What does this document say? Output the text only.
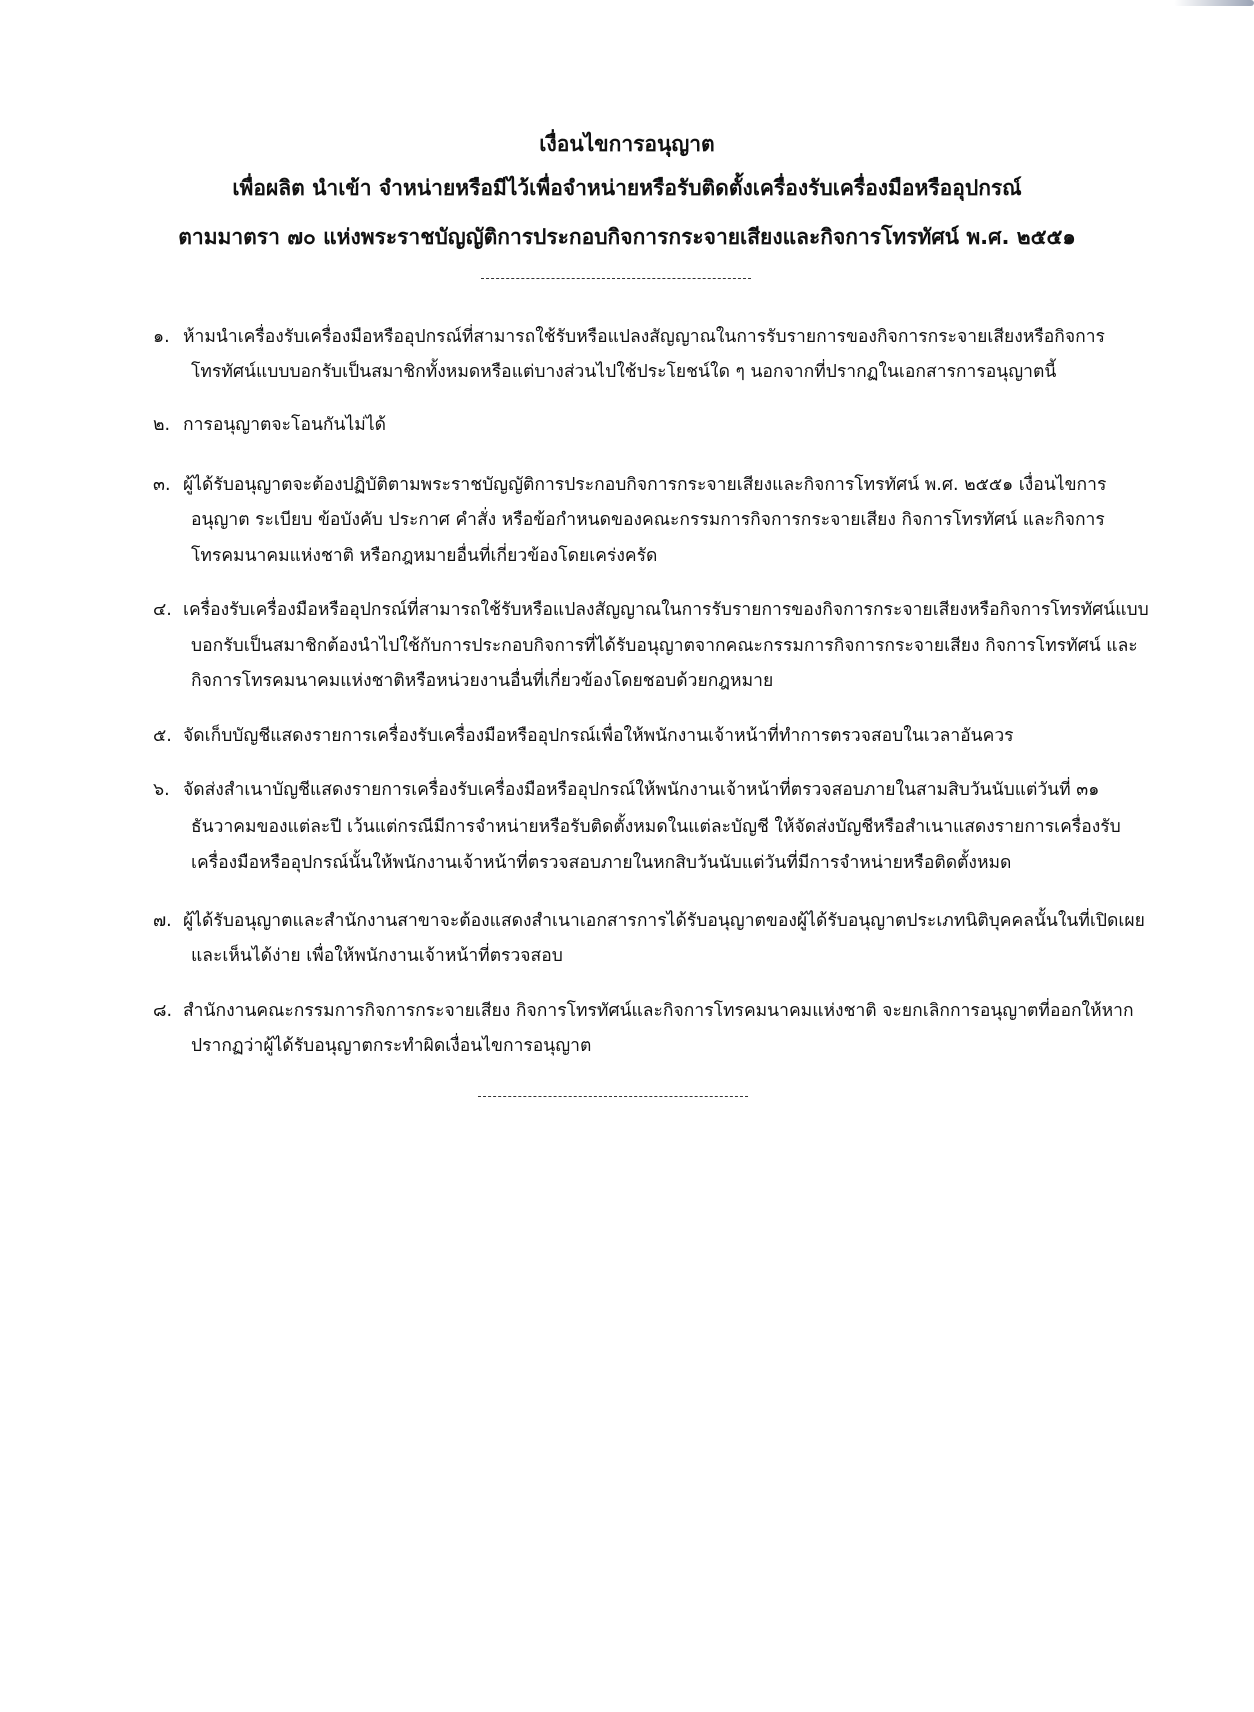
เงื่อนไขการอนุญาต
เพื่อผลิต นำเข้า จำหน่ายหรือมีไว้เพื่อจำหน่ายหรือรับติดตั้งเครื่องรับเครื่องมือหรืออุปกรณ์
ตามมาตรา ๗๐ แห่งพระราชบัญญัติการประกอบกิจการกระจายเสียงและกิจการโทรทัศน์ พ.ศ. ๒๕๕๑
๑. ห้ามนำเครื่องรับเครื่องมือหรืออุปกรณ์ที่สามารถใช้รับหรือแปลงสัญญาณในการรับรายการของกิจการกระจายเสียงหรือกิจการ
โทรทัศน์แบบบอกรับเป็นสมาชิกทั้งหมดหรือแต่บางส่วนไปใช้ประโยชน์ใด ๆ นอกจากที่ปรากฏในเอกสารการอนุญาตนี้
๒. การอนุญาตจะโอนกันไม่ได้
๓. ผู้ได้รับอนุญาตจะต้องปฏิบัติตามพระราชบัญญัติการประกอบกิจการกระจายเสียงและกิจการโทรทัศน์ พ.ศ. ๒๕๕๑ เงื่อนไขการ
อนุญาต ระเบียบ ข้อบังคับ ประกาศ คำสั่ง หรือข้อกำหนดของคณะกรรมการกิจการกระจายเสียง กิจการโทรทัศน์ และกิจการ
โทรคมนาคมแห่งชาติ หรือกฎหมายอื่นที่เกี่ยวข้องโดยเคร่งครัด
๔. เครื่องรับเครื่องมือหรืออุปกรณ์ที่สามารถใช้รับหรือแปลงสัญญาณในการรับรายการของกิจการกระจายเสียงหรือกิจการโทรทัศน์แบบ
บอกรับเป็นสมาชิกต้องนำไปใช้กับการประกอบกิจการที่ได้รับอนุญาตจากคณะกรรมการกิจการกระจายเสียง กิจการโทรทัศน์ และ
กิจการโทรคมนาคมแห่งชาติหรือหน่วยงานอื่นที่เกี่ยวข้องโดยชอบด้วยกฎหมาย
๕. จัดเก็บบัญชีแสดงรายการเครื่องรับเครื่องมือหรืออุปกรณ์เพื่อให้พนักงานเจ้าหน้าที่ทำการตรวจสอบในเวลาอันควร
๖. จัดส่งสำเนาบัญชีแสดงรายการเครื่องรับเครื่องมือหรืออุปกรณ์ให้พนักงานเจ้าหน้าที่ตรวจสอบภายในสามสิบวันนับแต่วันที่ ๓๑
ธันวาคมของแต่ละปี เว้นแต่กรณีมีการจำหน่ายหรือรับติดตั้งหมดในแต่ละบัญชี ให้จัดส่งบัญชีหรือสำเนาแสดงรายการเครื่องรับ
เครื่องมือหรืออุปกรณ์นั้นให้พนักงานเจ้าหน้าที่ตรวจสอบภายในหกสิบวันนับแต่วันที่มีการจำหน่ายหรือติดตั้งหมด
๗. ผู้ได้รับอนุญาตและสำนักงานสาขาจะต้องแสดงสำเนาเอกสารการได้รับอนุญาตของผู้ได้รับอนุญาตประเภทนิติบุคคลนั้นในที่เปิดเผย
และเห็นได้ง่าย เพื่อให้พนักงานเจ้าหน้าที่ตรวจสอบ
๘. สำนักงานคณะกรรมการกิจการกระจายเสียง กิจการโทรทัศน์และกิจการโทรคมนาคมแห่งชาติ จะยกเลิกการอนุญาตที่ออกให้หาก
ปรากฏว่าผู้ได้รับอนุญาตกระทำผิดเงื่อนไขการอนุญาต
